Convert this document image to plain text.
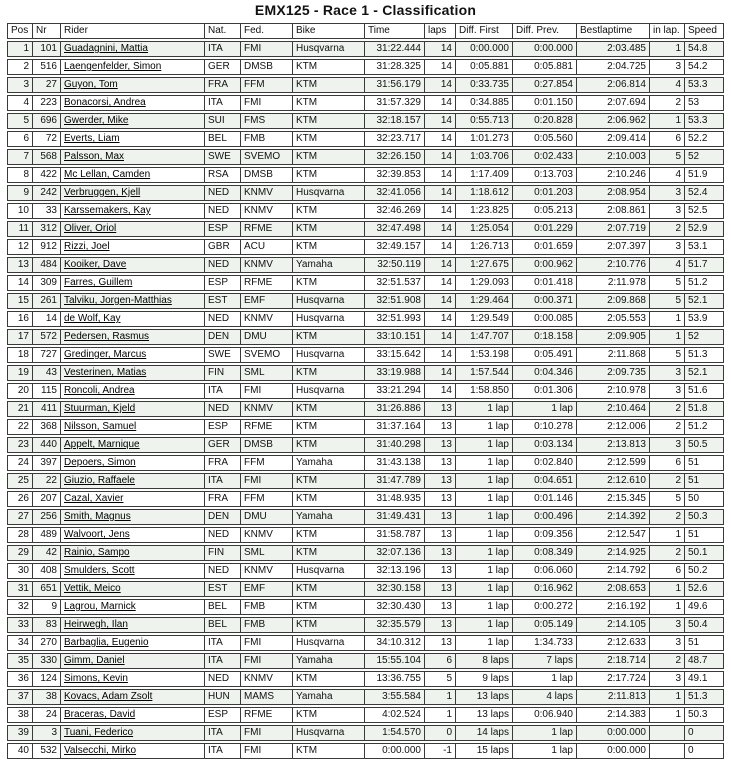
EMX125 - Race 1 - Classification
Pos	Nr	Rider	Nat.	Fed.	Bike	Time	laps	Diff. First	Diff. Prev.	Bestlaptime	in lap.	Speed
1	101	Guadagnini, Mattia	ITA	FMI	Husqvarna	31:22.444	14	0:00.000	0:00.000	2:03.485	1	54.8
2	516	Laengenfelder, Simon	GER	DMSB	KTM	31:28.325	14	0:05.881	0:05.881	2:04.725	3	54.2
3	27	Guyon, Tom	FRA	FFM	KTM	31:56.179	14	0:33.735	0:27.854	2:06.814	4	53.3
4	223	Bonacorsi, Andrea	ITA	FMI	KTM	31:57.329	14	0:34.885	0:01.150	2:07.694	2	53
5	696	Gwerder, Mike	SUI	FMS	KTM	32:18.157	14	0:55.713	0:20.828	2:06.962	1	53.3
6	72	Everts, Liam	BEL	FMB	KTM	32:23.717	14	1:01.273	0:05.560	2:09.414	6	52.2
7	568	Palsson, Max	SWE	SVEMO	KTM	32:26.150	14	1:03.706	0:02.433	2:10.003	5	52
8	422	Mc Lellan, Camden	RSA	DMSB	KTM	32:39.853	14	1:17.409	0:13.703	2:10.246	4	51.9
9	242	Verbruggen, Kjell	NED	KNMV	Husqvarna	32:41.056	14	1:18.612	0:01.203	2:08.954	3	52.4
10	33	Karssemakers, Kay	NED	KNMV	KTM	32:46.269	14	1:23.825	0:05.213	2:08.861	3	52.5
11	312	Oliver, Oriol	ESP	RFME	KTM	32:47.498	14	1:25.054	0:01.229	2:07.719	2	52.9
12	912	Rizzi, Joel	GBR	ACU	KTM	32:49.157	14	1:26.713	0:01.659	2:07.397	3	53.1
13	484	Kooiker, Dave	NED	KNMV	Yamaha	32:50.119	14	1:27.675	0:00.962	2:10.776	4	51.7
14	309	Farres, Guillem	ESP	RFME	KTM	32:51.537	14	1:29.093	0:01.418	2:11.978	5	51.2
15	261	Talviku, Jorgen-Matthias	EST	EMF	Husqvarna	32:51.908	14	1:29.464	0:00.371	2:09.868	5	52.1
16	14	de Wolf, Kay	NED	KNMV	Husqvarna	32:51.993	14	1:29.549	0:00.085	2:05.553	1	53.9
17	572	Pedersen, Rasmus	DEN	DMU	KTM	33:10.151	14	1:47.707	0:18.158	2:09.905	1	52
18	727	Gredinger, Marcus	SWE	SVEMO	Husqvarna	33:15.642	14	1:53.198	0:05.491	2:11.868	5	51.3
19	43	Vesterinen, Matias	FIN	SML	KTM	33:19.988	14	1:57.544	0:04.346	2:09.735	3	52.1
20	115	Roncoli, Andrea	ITA	FMI	Husqvarna	33:21.294	14	1:58.850	0:01.306	2:10.978	3	51.6
21	411	Stuurman, Kjeld	NED	KNMV	KTM	31:26.886	13	1 lap	1 lap	2:10.464	2	51.8
22	368	Nilsson, Samuel	ESP	RFME	KTM	31:37.164	13	1 lap	0:10.278	2:12.006	2	51.2
23	440	Appelt, Marnique	GER	DMSB	KTM	31:40.298	13	1 lap	0:03.134	2:13.813	3	50.5
24	397	Depoers, Simon	FRA	FFM	Yamaha	31:43.138	13	1 lap	0:02.840	2:12.599	6	51
25	22	Giuzio, Raffaele	ITA	FMI	KTM	31:47.789	13	1 lap	0:04.651	2:12.610	2	51
26	207	Cazal, Xavier	FRA	FFM	KTM	31:48.935	13	1 lap	0:01.146	2:15.345	5	50
27	256	Smith, Magnus	DEN	DMU	Yamaha	31:49.431	13	1 lap	0:00.496	2:14.392	2	50.3
28	489	Walvoort, Jens	NED	KNMV	KTM	31:58.787	13	1 lap	0:09.356	2:12.547	1	51
29	42	Rainio, Sampo	FIN	SML	KTM	32:07.136	13	1 lap	0:08.349	2:14.925	2	50.1
30	408	Smulders, Scott	NED	KNMV	Husqvarna	32:13.196	13	1 lap	0:06.060	2:14.792	6	50.2
31	651	Vettik, Meico	EST	EMF	KTM	32:30.158	13	1 lap	0:16.962	2:08.653	1	52.6
32	9	Lagrou, Marnick	BEL	FMB	KTM	32:30.430	13	1 lap	0:00.272	2:16.192	1	49.6
33	83	Heirwegh, Ilan	BEL	FMB	KTM	32:35.579	13	1 lap	0:05.149	2:14.105	3	50.4
34	270	Barbaglia, Eugenio	ITA	FMI	Husqvarna	34:10.312	13	1 lap	1:34.733	2:12.633	3	51
35	330	Gimm, Daniel	ITA	FMI	Yamaha	15:55.104	6	8 laps	7 laps	2:18.714	2	48.7
36	124	Simons, Kevin	NED	KNMV	KTM	13:36.755	5	9 laps	1 lap	2:17.724	3	49.1
37	38	Kovacs, Adam Zsolt	HUN	MAMS	Yamaha	3:55.584	1	13 laps	4 laps	2:11.813	1	51.3
38	24	Braceras, David	ESP	RFME	KTM	4:02.524	1	13 laps	0:06.940	2:14.383	1	50.3
39	3	Tuani, Federico	ITA	FMI	Husqvarna	1:54.570	0	14 laps	1 lap	0:00.000		0
40	532	Valsecchi, Mirko	ITA	FMI	KTM	0:00.000	-1	15 laps	1 lap	0:00.000		0
